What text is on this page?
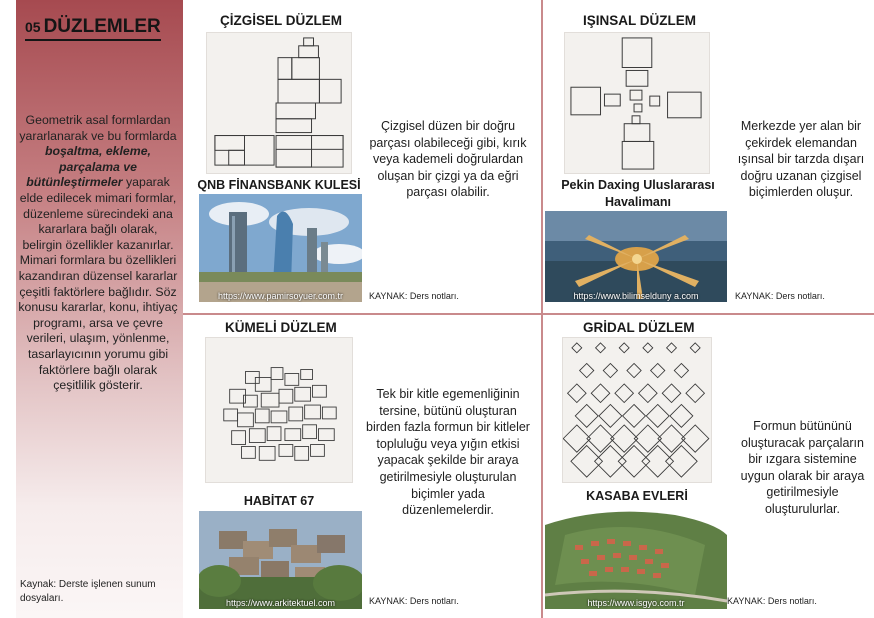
05 DÜZLEMLER
Geometrik asal formlardan yararlanarak ve bu formlarda boşaltma, ekleme, parçalama ve bütünleştirmeler yaparak elde edilecek mimari formlar, düzenleme sürecindeki ana kararlara bağlı olarak, belirgin özellikler kazanırlar. Mimari formlara bu özellikleri kazandıran düzensel kararlar çeşitli faktörlere bağlıdır. Söz konusu kararlar, konu, ihtiyaç programı, arsa ve çevre verileri, ulaşım, yönlenme, tasarlayıcının yorumu gibi faktörlere bağlı olarak çeşitlilik gösterir.
Kaynak: Derste işlenen sunum dosyaları.
ÇİZGİSEL DÜZLEM
QNB FİNANSBANK KULESİ
https://www.pamirsoyuer.com.tr	KAYNAK: Ders notları.
Çizgisel düzen bir doğru parçası olabileceği gibi, kırık veya kademeli doğrulardan oluşan bir çizgi ya da eğri parçası olabilir.
IŞINSAL DÜZLEM
Pekin Daxing Uluslararası Havalimanı
https://www.bilimselduny a.com	KAYNAK: Ders notları.
Merkezde yer alan bir çekirdek elemandan ışınsal bir tarzda dışarı doğru uzanan çizgisel biçimlerden oluşur.
KÜMELİ DÜZLEM
HABİTAT 67
https://www.arkitektuel.com	KAYNAK: Ders notları.
Tek bir kitle egemenliğinin tersine, bütünü oluşturan birden fazla formun bir kitleler topluluğu veya yığın etkisi yapacak şekilde bir araya getirilmesiyle oluşturulan biçimler yada düzenlemelerdir.
GRİDAL DÜZLEM
KASABA EVLERİ
https://www.isgyo.com.tr	KAYNAK: Ders notları.
Formun bütününü oluşturacak parçaların bir ızgara sistemine uygun olarak bir araya getirilmesiyle oluşturulurlar.
